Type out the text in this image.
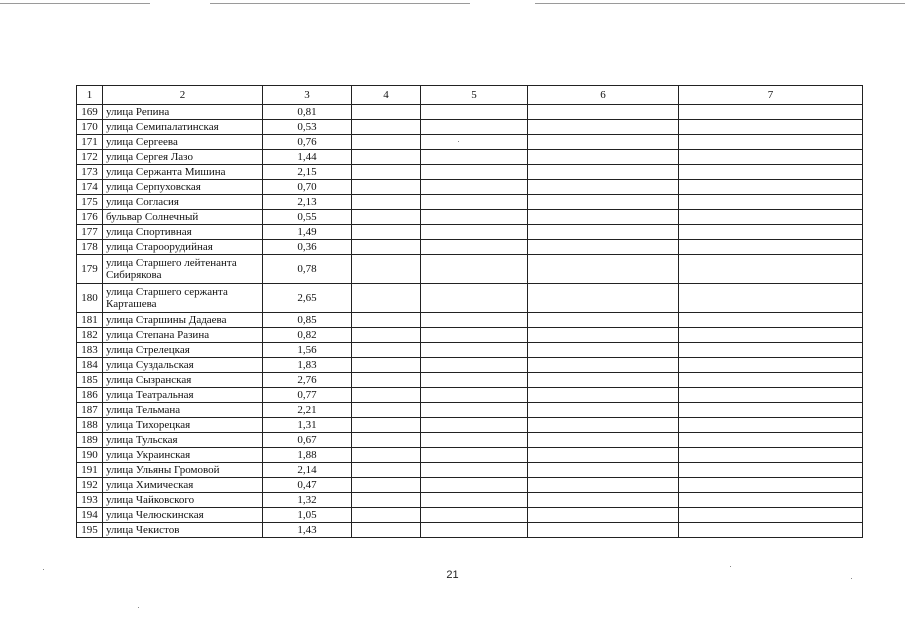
1	2	3	4	5	6	7
169	улица Репина	0,81				
170	улица Семипалатинская	0,53				
171	улица Сергеева	0,76				
172	улица Сергея Лазо	1,44				
173	улица Сержанта Мишина	2,15				
174	улица Серпуховская	0,70				
175	улица Согласия	2,13				
176	бульвар Солнечный	0,55				
177	улица Спортивная	1,49				
178	улица Староорудийная	0,36				
179	улица Старшего лейтенанта Сибирякова	0,78				
180	улица Старшего сержанта Карташева	2,65				
181	улица Старшины Дадаева	0,85				
182	улица Степана Разина	0,82				
183	улица Стрелецкая	1,56				
184	улица Суздальская	1,83				
185	улица Сызранская	2,76				
186	улица Театральная	0,77				
187	улица Тельмана	2,21				
188	улица Тихорецкая	1,31				
189	улица Тульская	0,67				
190	улица Украинская	1,88				
191	улица Ульяны Громовой	2,14				
192	улица Химическая	0,47				
193	улица Чайковского	1,32				
194	улица Челюскинская	1,05				
195	улица Чекистов	1,43				
21
